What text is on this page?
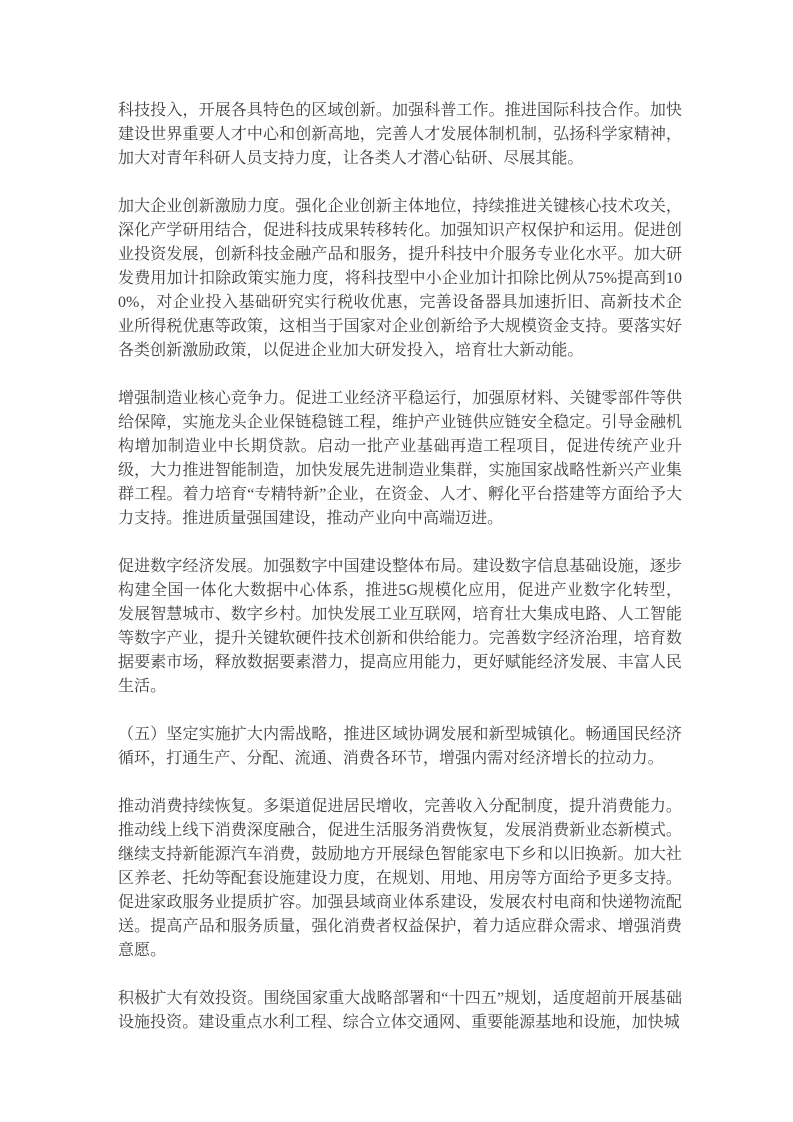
科技投入，开展各具特色的区域创新。加强科普工作。推进国际科技合作。加快建设世界重要人才中心和创新高地，完善人才发展体制机制，弘扬科学家精神，加大对青年科研人员支持力度，让各类人才潜心钻研、尽展其能。

加大企业创新激励力度。强化企业创新主体地位，持续推进关键核心技术攻关，深化产学研用结合，促进科技成果转移转化。加强知识产权保护和运用。促进创业投资发展，创新科技金融产品和服务，提升科技中介服务专业化水平。加大研发费用加计扣除政策实施力度，将科技型中小企业加计扣除比例从75%提高到100%，对企业投入基础研究实行税收优惠，完善设备器具加速折旧、高新技术企业所得税优惠等政策，这相当于国家对企业创新给予大规模资金支持。要落实好各类创新激励政策，以促进企业加大研发投入，培育壮大新动能。

增强制造业核心竞争力。促进工业经济平稳运行，加强原材料、关键零部件等供给保障，实施龙头企业保链稳链工程，维护产业链供应链安全稳定。引导金融机构增加制造业中长期贷款。启动一批产业基础再造工程项目，促进传统产业升级，大力推进智能制造，加快发展先进制造业集群，实施国家战略性新兴产业集群工程。着力培育“专精特新”企业，在资金、人才、孵化平台搭建等方面给予大力支持。推进质量强国建设，推动产业向中高端迈进。

促进数字经济发展。加强数字中国建设整体布局。建设数字信息基础设施，逐步构建全国一体化大数据中心体系，推进5G规模化应用，促进产业数字化转型，发展智慧城市、数字乡村。加快发展工业互联网，培育壮大集成电路、人工智能等数字产业，提升关键软硬件技术创新和供给能力。完善数字经济治理，培育数据要素市场，释放数据要素潜力，提高应用能力，更好赋能经济发展、丰富人民生活。

（五）坚定实施扩大内需战略，推进区域协调发展和新型城镇化。畅通国民经济循环，打通生产、分配、流通、消费各环节，增强内需对经济增长的拉动力。

推动消费持续恢复。多渠道促进居民增收，完善收入分配制度，提升消费能力。推动线上线下消费深度融合，促进生活服务消费恢复，发展消费新业态新模式。继续支持新能源汽车消费，鼓励地方开展绿色智能家电下乡和以旧换新。加大社区养老、托幼等配套设施建设力度，在规划、用地、用房等方面给予更多支持。促进家政服务业提质扩容。加强县域商业体系建设，发展农村电商和快递物流配送。提高产品和服务质量，强化消费者权益保护，着力适应群众需求、增强消费意愿。

积极扩大有效投资。围绕国家重大战略部署和“十四五”规划，适度超前开展基础设施投资。建设重点水利工程、综合立体交通网、重要能源基地和设施，加快城
